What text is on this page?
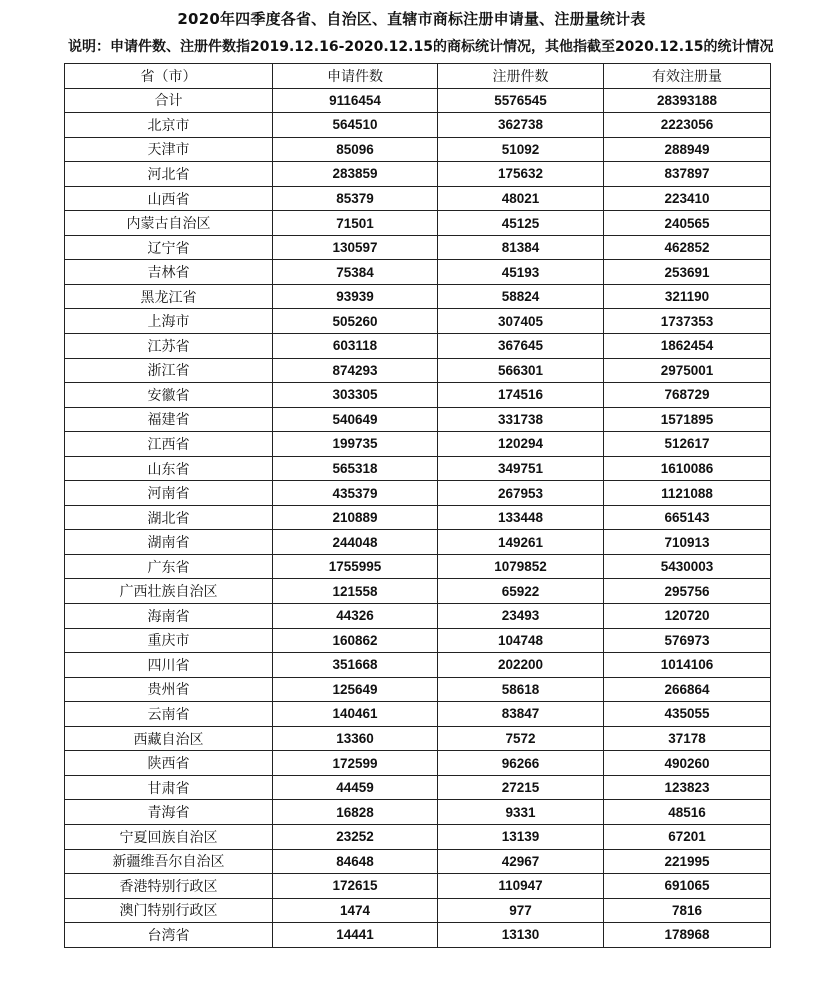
2020年四季度各省、自治区、直辖市商标注册申请量、注册量统计表
说明：申请件数、注册件数指2019.12.16-2020.12.15的商标统计情况，其他指截至2020.12.15的统计情况
省（市）	申请件数	注册件数	有效注册量
合计	9116454	5576545	28393188
北京市	564510	362738	2223056
天津市	85096	51092	288949
河北省	283859	175632	837897
山西省	85379	48021	223410
内蒙古自治区	71501	45125	240565
辽宁省	130597	81384	462852
吉林省	75384	45193	253691
黑龙江省	93939	58824	321190
上海市	505260	307405	1737353
江苏省	603118	367645	1862454
浙江省	874293	566301	2975001
安徽省	303305	174516	768729
福建省	540649	331738	1571895
江西省	199735	120294	512617
山东省	565318	349751	1610086
河南省	435379	267953	1121088
湖北省	210889	133448	665143
湖南省	244048	149261	710913
广东省	1755995	1079852	5430003
广西壮族自治区	121558	65922	295756
海南省	44326	23493	120720
重庆市	160862	104748	576973
四川省	351668	202200	1014106
贵州省	125649	58618	266864
云南省	140461	83847	435055
西藏自治区	13360	7572	37178
陕西省	172599	96266	490260
甘肃省	44459	27215	123823
青海省	16828	9331	48516
宁夏回族自治区	23252	13139	67201
新疆维吾尔自治区	84648	42967	221995
香港特别行政区	172615	110947	691065
澳门特别行政区	1474	977	7816
台湾省	14441	13130	178968
